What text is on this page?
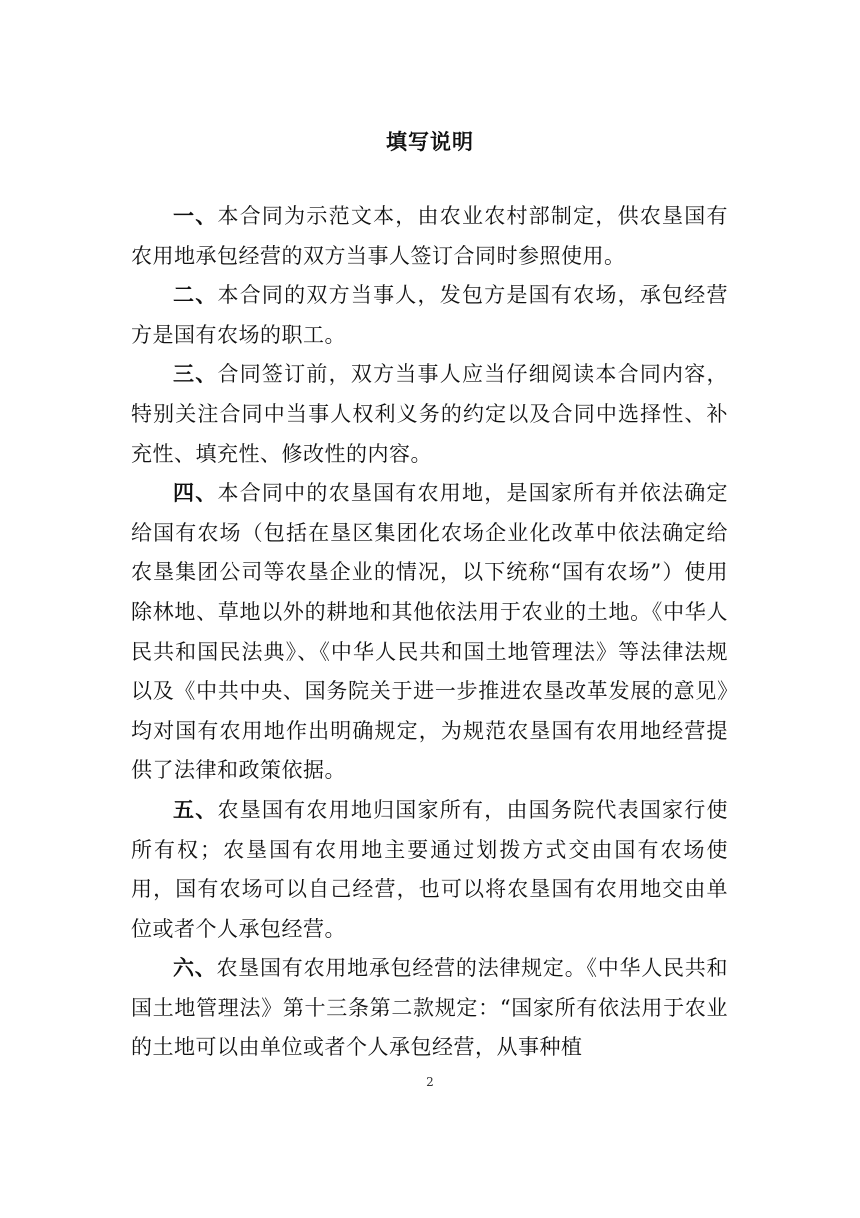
填写说明

一、本合同为示范文本，由农业农村部制定，供农垦国有农用地承包经营的双方当事人签订合同时参照使用。

二、本合同的双方当事人，发包方是国有农场，承包经营方是国有农场的职工。

三、合同签订前，双方当事人应当仔细阅读本合同内容，特别关注合同中当事人权利义务的约定以及合同中选择性、补充性、填充性、修改性的内容。

四、本合同中的农垦国有农用地，是国家所有并依法确定给国有农场（包括在垦区集团化农场企业化改革中依法确定给农垦集团公司等农垦企业的情况，以下统称“国有农场”）使用除林地、草地以外的耕地和其他依法用于农业的土地。《中华人民共和国民法典》、《中华人民共和国土地管理法》等法律法规以及《中共中央、国务院关于进一步推进农垦改革发展的意见》均对国有农用地作出明确规定，为规范农垦国有农用地经营提供了法律和政策依据。

五、农垦国有农用地归国家所有，由国务院代表国家行使所有权；农垦国有农用地主要通过划拨方式交由国有农场使用，国有农场可以自己经营，也可以将农垦国有农用地交由单位或者个人承包经营。

六、农垦国有农用地承包经营的法律规定。《中华人民共和国土地管理法》第十三条第二款规定：“国家所有依法用于农业的土地可以由单位或者个人承包经营，从事种植

2
